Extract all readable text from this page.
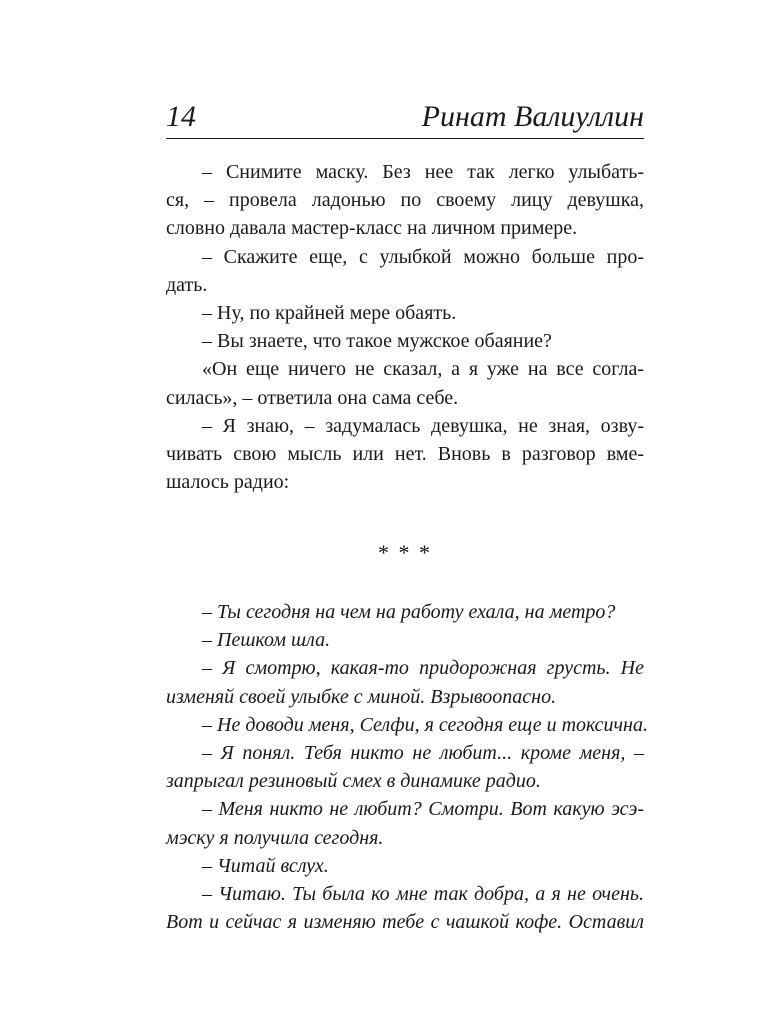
14	Ринат Валиуллин
– Снимите маску. Без нее так легко улыбать-
ся, – провела ладонью по своему лицу девушка,
словно давала мастер-класс на личном примере.
– Скажите еще, с улыбкой можно больше про-
дать.
– Ну, по крайней мере обаять.
– Вы знаете, что такое мужское обаяние?
«Он еще ничего не сказал, а я уже на все согла-
силась», – ответила она сама себе.
– Я знаю, – задумалась девушка, не зная, озву-
чивать свою мысль или нет. Вновь в разговор вме-
шалось радио:
* * *
– Ты сегодня на чем на работу ехала, на метро?
– Пешком шла.
– Я смотрю, какая-то придорожная грусть. Не
изменяй своей улыбке с миной. Взрывоопасно.
– Не доводи меня, Селфи, я сегодня еще и токсична.
– Я понял. Тебя никто не любит... кроме меня, –
запрыгал резиновый смех в динамике радио.
– Меня никто не любит? Смотри. Вот какую эсэ-
мэску я получила сегодня.
– Читай вслух.
– Читаю. Ты была ко мне так добра, а я не очень.
Вот и сейчас я изменяю тебе с чашкой кофе. Оставил
